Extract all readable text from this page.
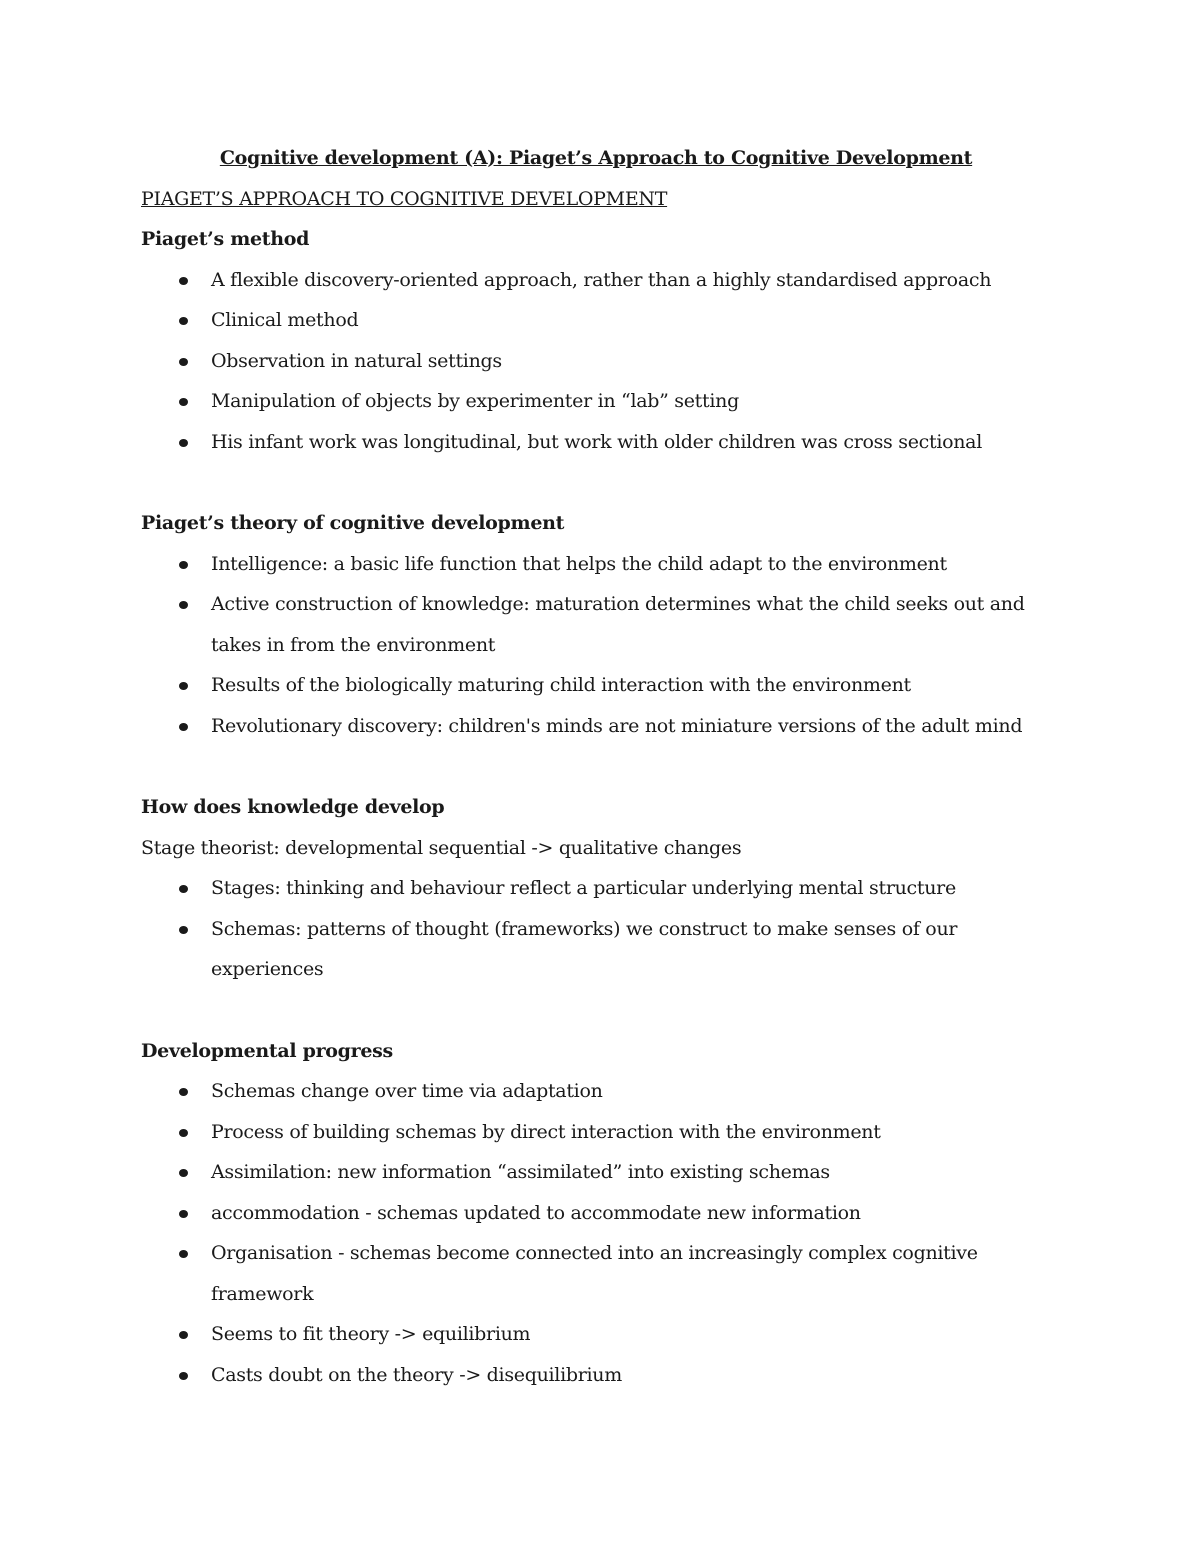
Cognitive development (A): Piaget’s Approach to Cognitive Development

PIAGET’S APPROACH TO COGNITIVE DEVELOPMENT

Piaget’s method

A flexible discovery-oriented approach, rather than a highly standardised approach
Clinical method
Observation in natural settings
Manipulation of objects by experimenter in “lab” setting
His infant work was longitudinal, but work with older children was cross sectional

Piaget’s theory of cognitive development

Intelligence: a basic life function that helps the child adapt to the environment
Active construction of knowledge: maturation determines what the child seeks out and takes in from the environment
Results of the biologically maturing child interaction with the environment
Revolutionary discovery: children's minds are not miniature versions of the adult mind

How does knowledge develop

Stage theorist: developmental sequential -> qualitative changes

Stages: thinking and behaviour reflect a particular underlying mental structure
Schemas: patterns of thought (frameworks) we construct to make senses of our experiences

Developmental progress

Schemas change over time via adaptation
Process of building schemas by direct interaction with the environment
Assimilation: new information “assimilated” into existing schemas
accommodation - schemas updated to accommodate new information
Organisation - schemas become connected into an increasingly complex cognitive framework
Seems to fit theory -> equilibrium
Casts doubt on the theory -> disequilibrium
